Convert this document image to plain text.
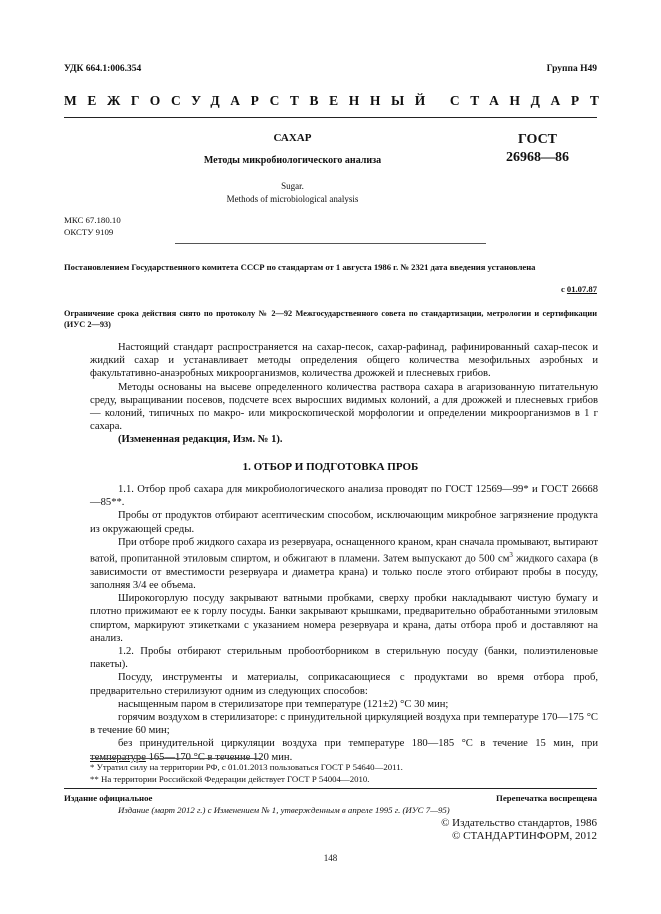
УДК 664.1:006.354	Группа Н49
МЕЖГОСУДАРСТВЕННЫЙ СТАНДАРТ
САХАР
Методы микробиологического анализа
Sugar.
Methods of microbiological analysis
ГОСТ
26968—86
МКС 67.180.10
ОКСТУ 9109
Постановлением Государственного комитета СССР по стандартам от 1 августа 1986 г. № 2321 дата введения установлена
с 01.07.87
Ограничение срока действия снято по протоколу № 2—92 Межгосударственного совета по стандартизации, метрологии и сертификации (ИУС 2—93)

Настоящий стандарт распространяется на сахар-песок, сахар-рафинад, рафинированный сахар-песок и жидкий сахар и устанавливает методы определения общего количества мезофильных аэробных и факультативно-анаэробных микроорганизмов, количества дрожжей и плесневых грибов.

Методы основаны на высеве определенного количества раствора сахара в агаризованную питательную среду, выращивании посевов, подсчете всех выросших видимых колоний, а для дрожжей и плесневых грибов — колоний, типичных по макро- или микроскопической морфологии и определении микроорганизмов в 1 г сахара.

(Измененная редакция, Изм. № 1).

1. ОТБОР И ПОДГОТОВКА ПРОБ

1.1. Отбор проб сахара для микробиологического анализа проводят по ГОСТ 12569—99* и ГОСТ 26668—85**.

Пробы от продуктов отбирают асептическим способом, исключающим микробное загрязнение продукта из окружающей среды.

При отборе проб жидкого сахара из резервуара, оснащенного краном, кран сначала промывают, вытирают ватой, пропитанной этиловым спиртом, и обжигают в пламени. Затем выпускают до 500 $см^3$ жидкого сахара (в зависимости от вместимости резервуара и диаметра крана) и только после этого отбирают пробы в посуду, заполняя 3/4 ее объема.

Широкогорлую посуду закрывают ватными пробками, сверху пробки накладывают чистую бумагу и плотно прижимают ее к горлу посуды. Банки закрывают крышками, предварительно обработанными этиловым спиртом, маркируют этикетками с указанием номера резервуара и крана, даты отбора проб и доставляют на анализ.

1.2. Пробы отбирают стерильным пробоотборником в стерильную посуду (банки, полиэтиленовые пакеты).

Посуду, инструменты и материалы, соприкасающиеся с продуктами во время отбора проб, предварительно стерилизуют одним из следующих способов:

насыщенным паром в стерилизаторе при температуре (121±2) °С 30 мин;

горячим воздухом в стерилизаторе: с принудительной циркуляцией воздуха при температуре 170—175 °С в течение 60 мин;

без принудительной циркуляции воздуха при температуре 180—185 °С в течение 15 мин, при температуре 165—170 °С в течение 120 мин.

* Утратил силу на территории РФ, с 01.01.2013 пользоваться ГОСТ Р 54640—2011.
** На территории Российской Федерации действует ГОСТ Р 54004—2010.
Издание официальное	Перепечатка воспрещена
Издание (март 2012 г.) с Изменением № 1, утвержденным в апреле 1995 г. (ИУС 7—95)
© Издательство стандартов, 1986
© СТАНДАРТИНФОРМ, 2012
148
